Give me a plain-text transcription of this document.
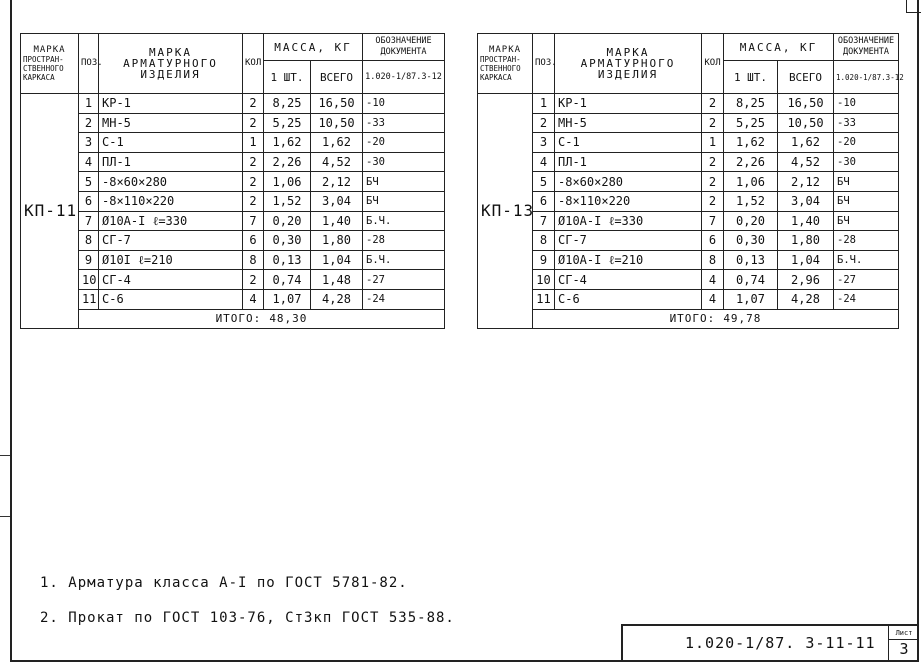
МАРКА
ПРОСТРАН-СТВЕННОГО КАРКАСА	ПОЗ.	МАРКА АРМАТУРНОГО ИЗДЕЛИЯ	КОЛ	МАССА, КГ		ОБОЗНАЧЕНИЕ ДОКУМЕНТА
				1 ШТ.	ВСЕГО	1.020-1/87.3-12
КП-11	1	КР-1	2	8,25	16,50	-10
	2	МН-5	2	5,25	10,50	-33
	3	С-1	1	1,62	1,62	-20
	4	ПЛ-1	2	2,26	4,52	-30
	5	-8×60×280	2	1,06	2,12	БЧ
	6	-8×110×220	2	1,52	3,04	БЧ
	7	Ø10А-I ℓ=330	7	0,20	1,40	Б.Ч.
	8	СГ-7	6	0,30	1,80	-28
	9	Ø10I ℓ=210	8	0,13	1,04	Б.Ч.
	10	СГ-4	2	0,74	1,48	-27
	11	С-6	4	1,07	4,28	-24
	ИТОГО: 48,30					
МАРКА
ПРОСТРАН-СТВЕННОГО КАРКАСА	ПОЗ.	МАРКА АРМАТУРНОГО ИЗДЕЛИЯ	КОЛ	МАССА, КГ		ОБОЗНАЧЕНИЕ ДОКУМЕНТА
				1 ШТ.	ВСЕГО	1.020-1/87.3-12
КП-13	1	КР-1	2	8,25	16,50	-10
	2	МН-5	2	5,25	10,50	-33
	3	С-1	1	1,62	1,62	-20
	4	ПЛ-1	2	2,26	4,52	-30
	5	-8×60×280	2	1,06	2,12	БЧ
	6	-8×110×220	2	1,52	3,04	БЧ
	7	Ø10А-I ℓ=330	7	0,20	1,40	БЧ
	8	СГ-7	6	0,30	1,80	-28
	9	Ø10А-I ℓ=210	8	0,13	1,04	Б.Ч.
	10	СГ-4	4	0,74	2,96	-27
	11	С-6	4	1,07	4,28	-24
	ИТОГО: 49,78					
1. Арматура класса А-I по ГОСТ 5781-82.
2. Прокат по ГОСТ 103-76, Ст3кп ГОСТ 535-88.
1.020-1/87. 3-11-11
Лист
3
